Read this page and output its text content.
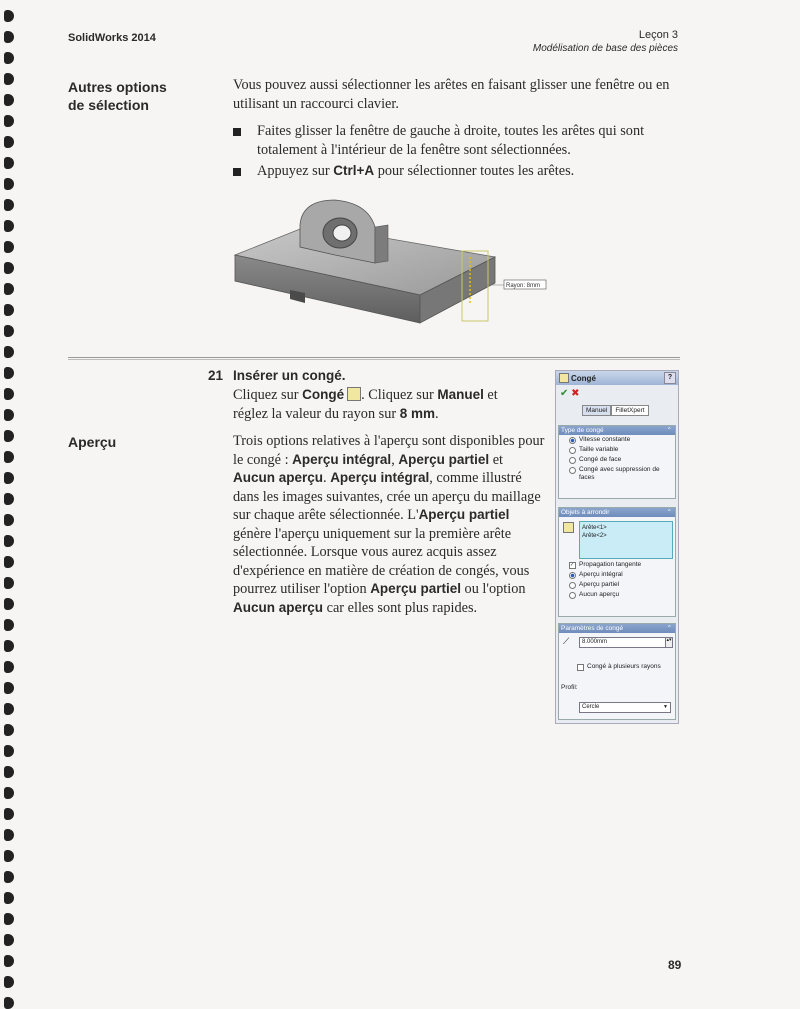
SolidWorks 2014	Leçon 3
Modélisation de base des pièces
Autres options
de sélection
Vous pouvez aussi sélectionner les arêtes en faisant glisser une fenêtre ou en utilisant un raccourci clavier.
Faites glisser la fenêtre de gauche à droite, toutes les arêtes qui sont totalement à l'intérieur de la fenêtre sont sélectionnées.
Appuyez sur Ctrl+A pour sélectionner toutes les arêtes.
Rayon: 8mm
21 Insérer un congé.
Cliquez sur Congé . Cliquez sur Manuel et
réglez la valeur du rayon sur 8 mm.
Aperçu	Trois options relatives à l'aperçu sont disponibles pour le congé : Aperçu intégral, Aperçu partiel et Aucun aperçu. Aperçu intégral, comme illustré dans les images suivantes, crée un aperçu du maillage sur chaque arête sélectionnée. L'Aperçu partiel génère l'aperçu uniquement sur la première arête sélectionnée. Lorsque vous aurez acquis assez d'expérience en matière de création de congés, vous pourrez utiliser l'option Aperçu partiel ou l'option Aucun aperçu car elles sont plus rapides.
Congé	?
✔ ✖
Manuel	FilletXpert
Type de congé	⌃
Vitesse constante
Taille variable
Congé de face
Congé avec suppression de faces
Objets à arrondir	⌃
Arête<1>
Arête<2>
✓ Propagation tangente
Aperçu intégral
Aperçu partiel
Aucun aperçu
Paramètres de congé	⌃
⟋	8.000mm	▴▾
Congé à plusieurs rayons
Profil:
Cercle	▼
89
